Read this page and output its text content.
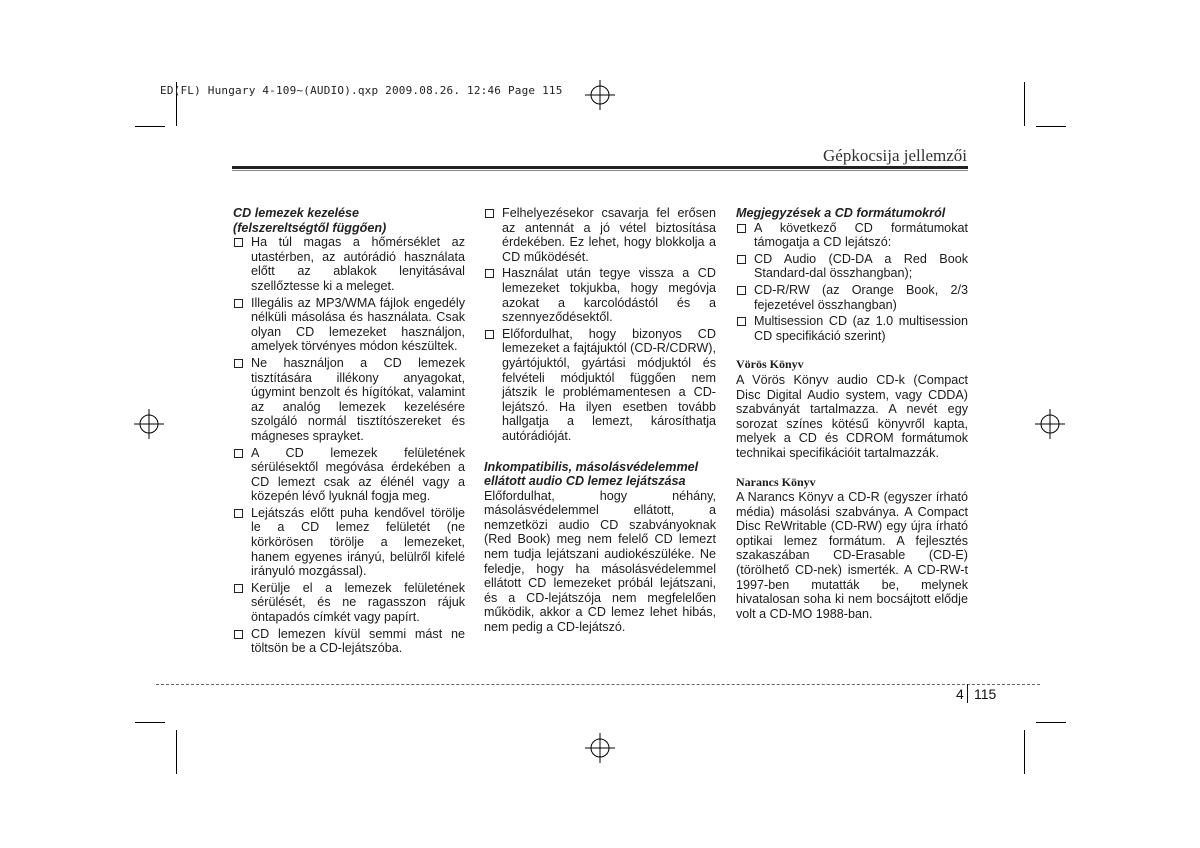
ED(FL) Hungary 4-109~(AUDIO).qxp 2009.08.26. 12:46 Page 115
Gépkocsija jellemzői
CD lemezek kezelése
(felszereltségtől függően)
Ha túl magas a hőmérséklet az utastérben, az autórádió használata előtt az ablakok lenyitásával szellőztesse ki a meleget.
Illegális az MP3/WMA fájlok engedély nélküli másolása és használata. Csak olyan CD lemezeket használjon, amelyek törvényes módon készültek.
Ne használjon a CD lemezek tisztítására illékony anyagokat, úgymint benzolt és hígítókat, valamint az analóg lemezek kezelésére szolgáló normál tisztítószereket és mágneses sprayket.
A CD lemezek felületének sérülésektől megóvása érdekében a CD lemezt csak az élénél vagy a közepén lévő lyuknál fogja meg.
Lejátszás előtt puha kendővel törölje le a CD lemez felületét (ne körkörösen törölje a lemezeket, hanem egyenes irányú, belülről kifelé irányuló mozgással).
Kerülje el a lemezek felületének sérülését, és ne ragasszon rájuk öntapadós címkét vagy papírt.
CD lemezen kívül semmi mást ne töltsön be a CD-lejátszóba.
Felhelyezésekor csavarja fel erősen az antennát a jó vétel biztosítása érdekében. Ez lehet, hogy blokkolja a CD működését.
Használat után tegye vissza a CD lemezeket tokjukba, hogy megóvja azokat a karcolódástól és a szennyeződésektől.
Előfordulhat, hogy bizonyos CD lemezeket a fajtájuktól (CD-R/CDRW), gyártójuktól, gyártási módjuktól és felvételi módjuktól függően nem játszik le problémamentesen a CD-lejátszó. Ha ilyen esetben tovább hallgatja a lemezt, károsíthatja autórádióját.
Inkompatibilis, másolásvédelemmel
ellátott audio CD lemez lejátszása
Előfordulhat, hogy néhány, másolásvédelemmel ellátott, a nemzetközi audio CD szabványoknak (Red Book) meg nem felelő CD lemezt nem tudja lejátszani audiokészüléke. Ne feledje, hogy ha másolásvédelemmel ellátott CD lemezeket próbál lejátszani, és a CD-lejátszója nem megfelelően működik, akkor a CD lemez lehet hibás, nem pedig a CD-lejátszó.
Megjegyzések a CD formátumokról
A következő CD formátumokat támogatja a CD lejátszó:
CD Audio (CD-DA a Red Book Standard-dal összhangban);
CD-R/RW (az Orange Book, 2/3 fejezetével összhangban)
Multisession CD (az 1.0 multisession CD specifikáció szerint)
Vörös Könyv
A Vörös Könyv audio CD-k (Compact Disc Digital Audio system, vagy CDDA) szabványát tartalmazza. A nevét egy sorozat színes kötésű könyvről kapta, melyek a CD és CDROM formátumok technikai specifikációit tartalmazzák.
Narancs Könyv
A Narancs Könyv a CD-R (egyszer írható média) másolási szabványa. A Compact Disc ReWritable (CD-RW) egy újra írható optikai lemez formátum. A fejlesztés szakaszában CD-Erasable (CD-E) (törölhető CD-nek) ismerték. A CD-RW-t 1997-ben mutatták be, melynek hivatalosan soha ki nem bocsájtott elődje volt a CD-MO 1988-ban.
4 115
